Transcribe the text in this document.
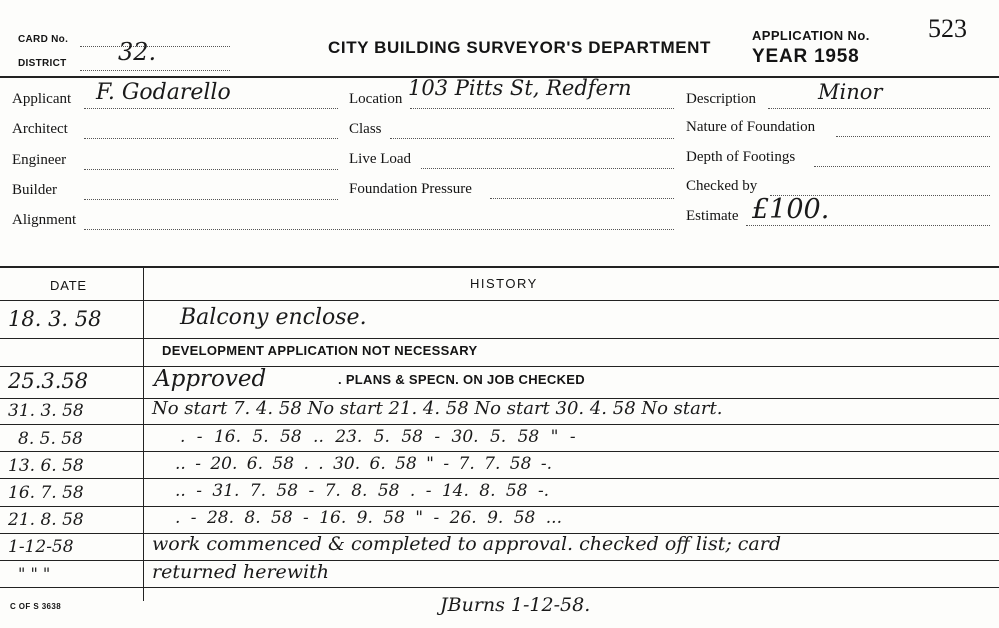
CARD No.
DISTRICT 32.	CITY BUILDING SURVEYOR'S DEPARTMENT
APPLICATION No. 523
YEAR 1958
Applicant F. Godarello
Architect
Engineer
Builder
Alignment
Location 103 Pitts St, Redfern
Class
Live Load
Foundation Pressure
Description	Minor
Nature of Foundation
Depth of Footings
Checked by
Estimate £100.
DATE	HISTORY
18. 3. 58	Balcony enclose.
DEVELOPMENT APPLICATION NOT NECESSARY
25.3.58	Approved	. PLANS & SPECN. ON JOB CHECKED
31. 3. 58	No start 7. 4. 58 No start 21. 4. 58 No start 30. 4. 58 No start.
8. 5. 58	. - 16. 5. 58 .. 23. 5. 58 - 30. 5. 58 " -
13. 6. 58	.. - 20. 6. 58 . . 30. 6. 58 " - 7. 7. 58 -.
16. 7. 58	.. - 31. 7. 58 - 7. 8. 58 . - 14. 8. 58 -.
21. 8. 58	. - 28. 8. 58 - 16. 9. 58 " - 26. 9. 58 ...
1-12-58	work commenced & completed to approval. checked off list; card
" " "	returned herewith
JBurns 1-12-58.
C OF S 3638
